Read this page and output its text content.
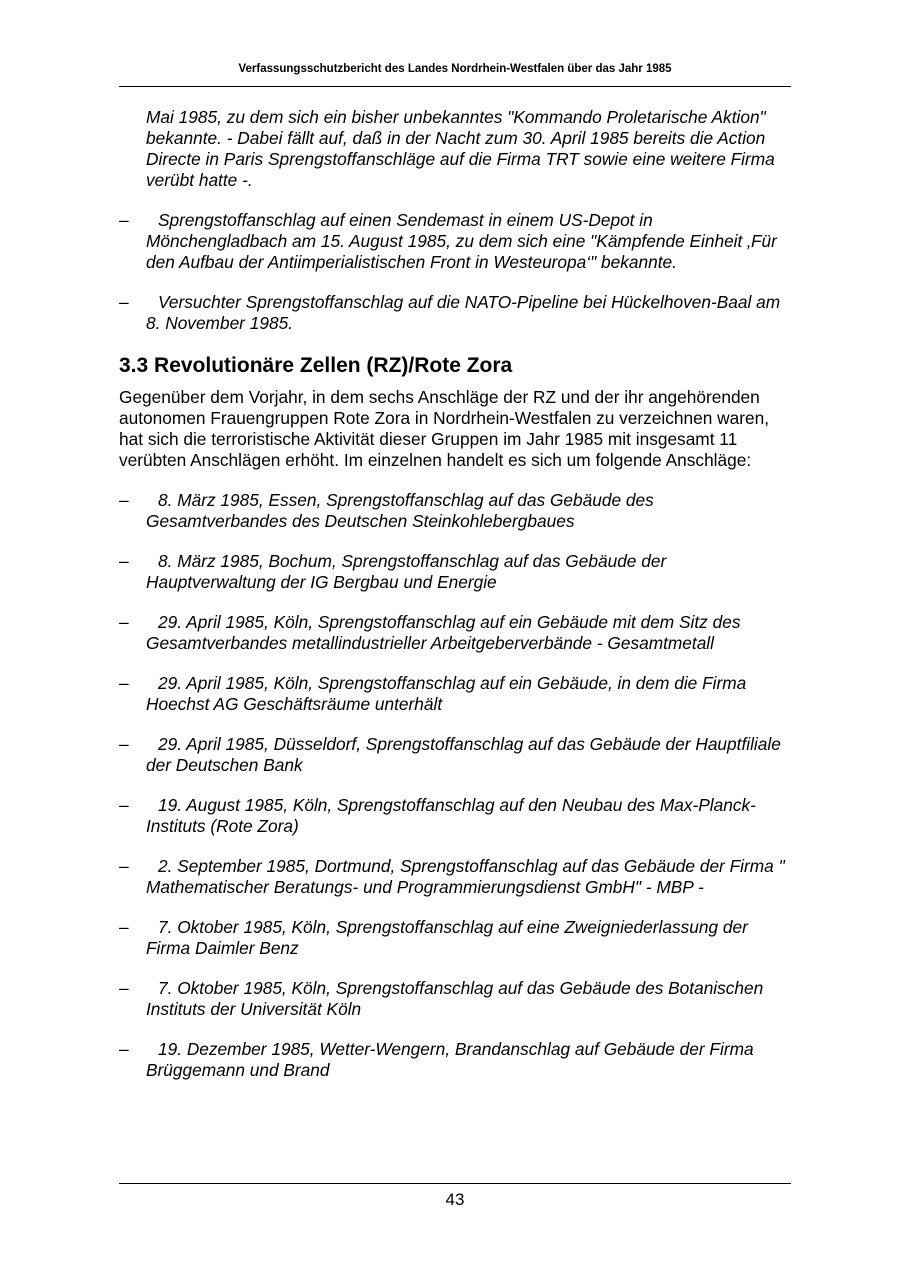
Verfassungsschutzbericht des Landes Nordrhein-Westfalen über das Jahr 1985
Mai 1985, zu dem sich ein bisher unbekanntes "Kommando Proletarische Aktion" bekannte. - Dabei fällt auf, daß in der Nacht zum 30. April 1985 bereits die Action Directe in Paris Sprengstoffanschläge auf die Firma TRT sowie eine weitere Firma verübt hatte -.
–	Sprengstoffanschlag auf einen Sendemast in einem US-Depot in Mönchengladbach am 15. August 1985, zu dem sich eine "Kämpfende Einheit ‚Für den Aufbau der Antiimperialistischen Front in Westeuropa‘" bekannte.
–	Versuchter Sprengstoffanschlag auf die NATO-Pipeline bei Hückelhoven-Baal am 8. November 1985.
3.3 Revolutionäre Zellen (RZ)/Rote Zora
Gegenüber dem Vorjahr, in dem sechs Anschläge der RZ und der ihr angehörenden autonomen Frauengruppen Rote Zora in Nordrhein-Westfalen zu verzeichnen waren, hat sich die terroristische Aktivität dieser Gruppen im Jahr 1985 mit insgesamt 11 verübten Anschlägen erhöht. Im einzelnen handelt es sich um folgende Anschläge:
–	8. März 1985, Essen, Sprengstoffanschlag auf das Gebäude des Gesamtverbandes des Deutschen Steinkohlebergbaues
–	8. März 1985, Bochum, Sprengstoffanschlag auf das Gebäude der Hauptverwaltung der IG Bergbau und Energie
–	29. April 1985, Köln, Sprengstoffanschlag auf ein Gebäude mit dem Sitz des Gesamtverbandes metallindustrieller Arbeitgeberverbände - Gesamtmetall
–	29. April 1985, Köln, Sprengstoffanschlag auf ein Gebäude, in dem die Firma Hoechst AG Geschäftsräume unterhält
–	29. April 1985, Düsseldorf, Sprengstoffanschlag auf das Gebäude der Hauptfiliale der Deutschen Bank
–	19. August 1985, Köln, Sprengstoffanschlag auf den Neubau des Max-Planck-Instituts (Rote Zora)
–	2. September 1985, Dortmund, Sprengstoffanschlag auf das Gebäude der Firma " Mathematischer Beratungs- und Programmierungsdienst GmbH" - MBP -
–	7. Oktober 1985, Köln, Sprengstoffanschlag auf eine Zweigniederlassung der Firma Daimler Benz
–	7. Oktober 1985, Köln, Sprengstoffanschlag auf das Gebäude des Botanischen Instituts der Universität Köln
–	19. Dezember 1985, Wetter-Wengern, Brandanschlag auf Gebäude der Firma Brüggemann und Brand
43
